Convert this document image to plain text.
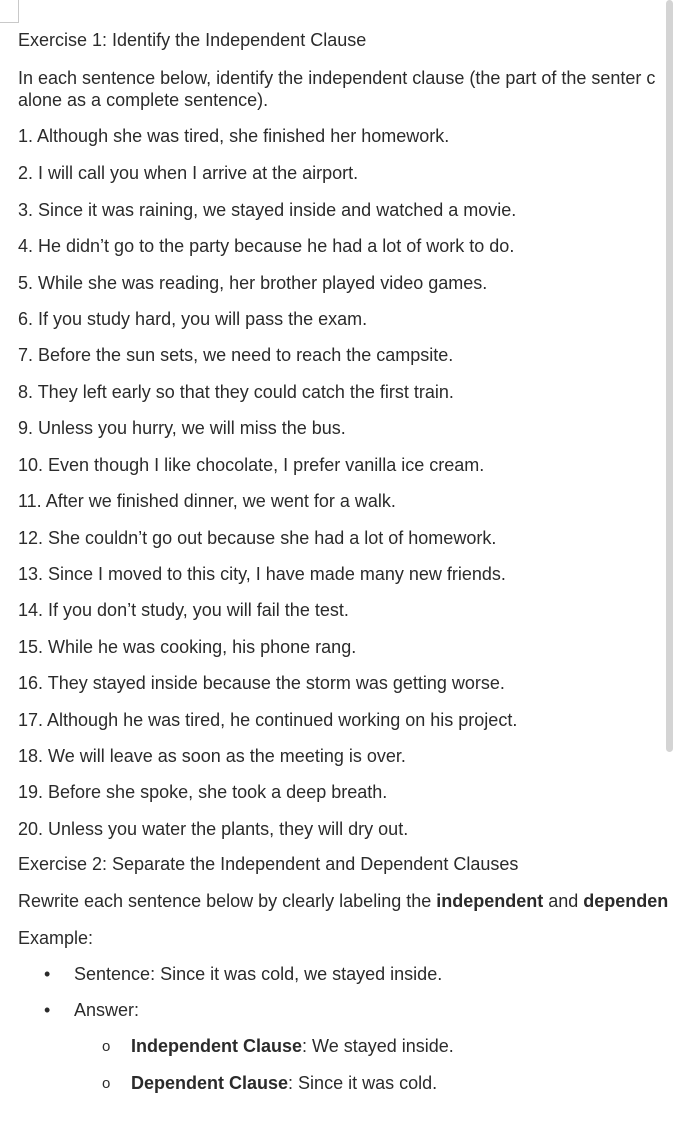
Exercise 1: Identify the Independent Clause
In each sentence below, identify the independent clause (the part of the senter c
alone as a complete sentence).
1. Although she was tired, she finished her homework.
2. I will call you when I arrive at the airport.
3. Since it was raining, we stayed inside and watched a movie.
4. He didn’t go to the party because he had a lot of work to do.
5. While she was reading, her brother played video games.
6. If you study hard, you will pass the exam.
7. Before the sun sets, we need to reach the campsite.
8. They left early so that they could catch the first train.
9. Unless you hurry, we will miss the bus.
10. Even though I like chocolate, I prefer vanilla ice cream.
11. After we finished dinner, we went for a walk.
12. She couldn’t go out because she had a lot of homework.
13. Since I moved to this city, I have made many new friends.
14. If you don’t study, you will fail the test.
15. While he was cooking, his phone rang.
16. They stayed inside because the storm was getting worse.
17. Although he was tired, he continued working on his project.
18. We will leave as soon as the meeting is over.
19. Before she spoke, she took a deep breath.
20. Unless you water the plants, they will dry out.
Exercise 2: Separate the Independent and Dependent Clauses
Rewrite each sentence below by clearly labeling the independent and dependen
Example:
• Sentence: Since it was cold, we stayed inside.
• Answer:
o Independent Clause: We stayed inside.
o Dependent Clause: Since it was cold.
